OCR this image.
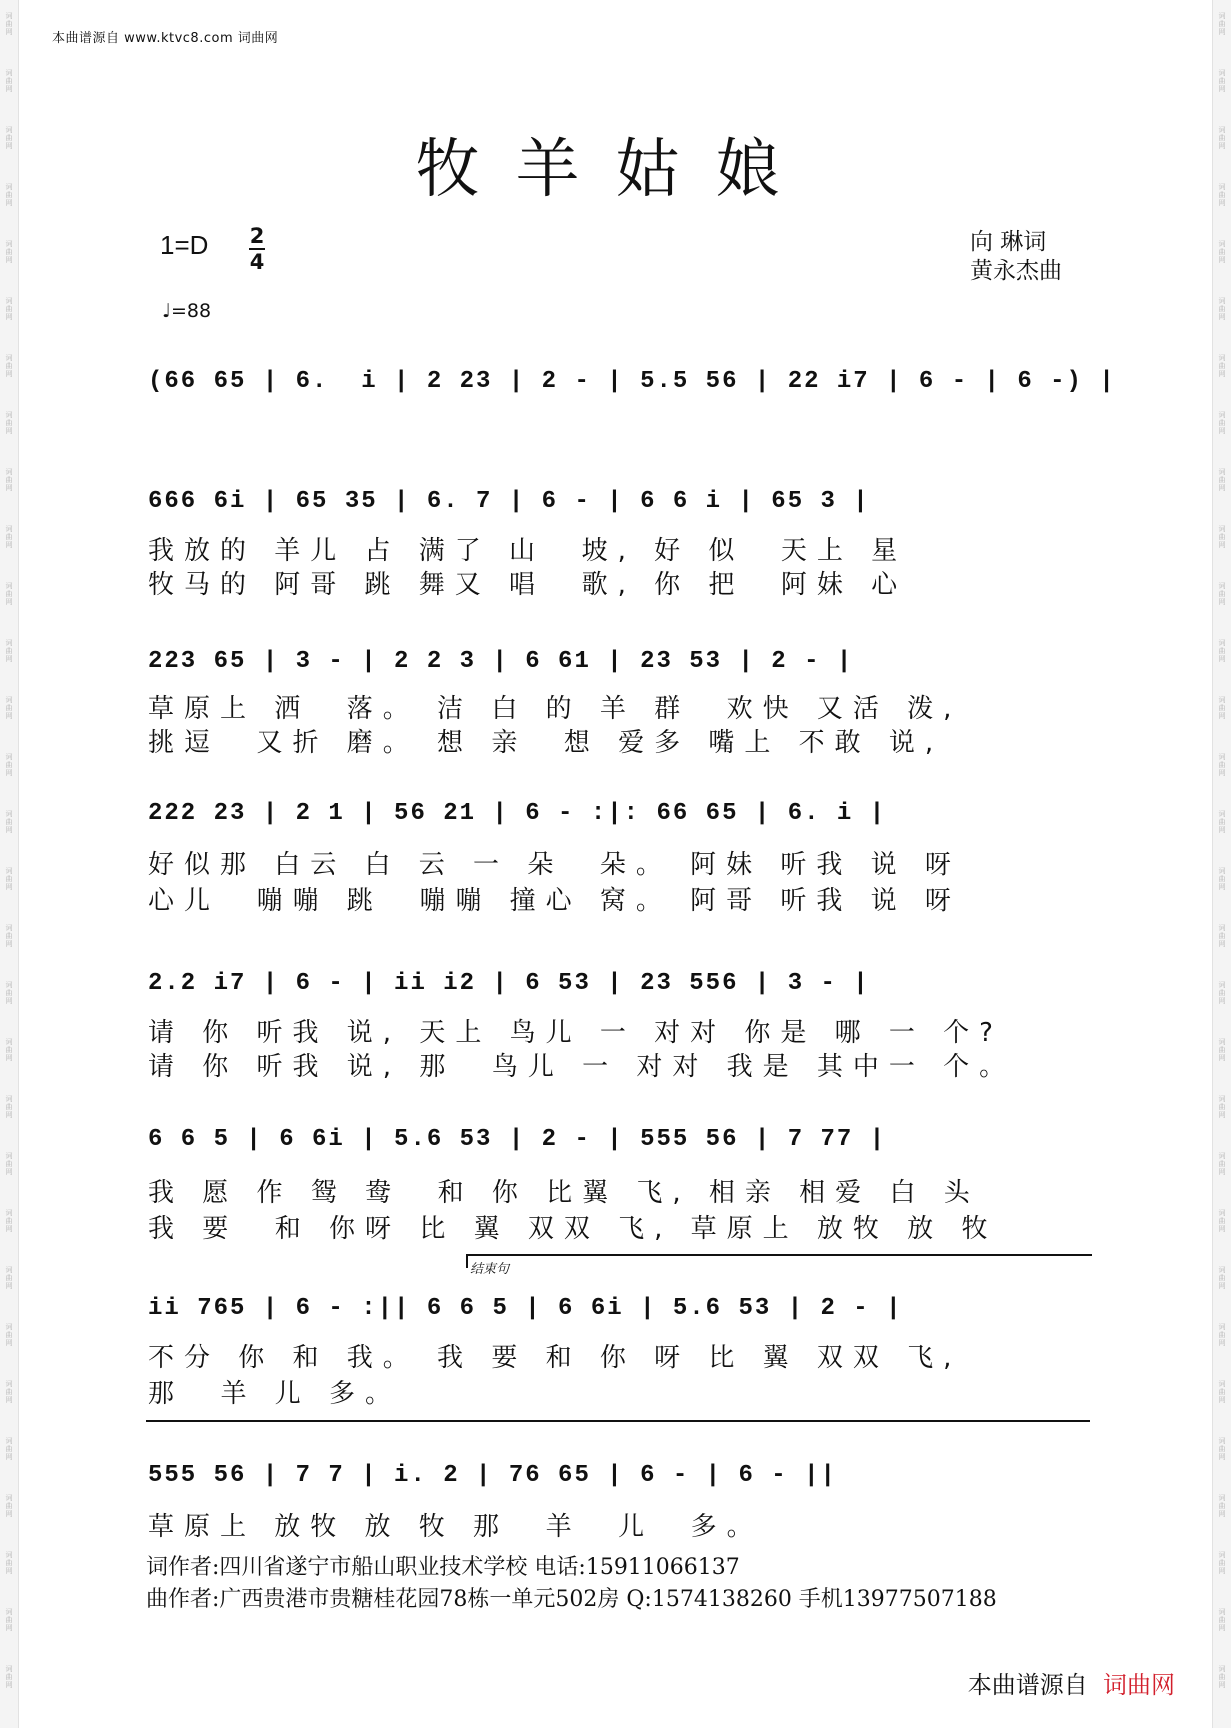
词
曲
网
词
曲
网
词
曲
网
词
曲
网
词
曲
网
词
曲
网
词
曲
网
词
曲
网
词
曲
网
词
曲
网
词
曲
网
词
曲
网
词
曲
网
词
曲
网
词
曲
网
词
曲
网
词
曲
网
词
曲
网
词
曲
网
词
曲
网
词
曲
网
词
曲
网
词
曲
网
词
曲
网
词
曲
网
词
曲
网
词
曲
网
词
曲
网
词
曲
网
词
曲
网
词
曲
网
词
曲
网
词
曲
网
词
曲
网
词
曲
网
词
曲
网
词
曲
网
词
曲
网
词
曲
网
词
曲
网
词
曲
网
词
曲
网
词
曲
网
词
曲
网
词
曲
网
词
曲
网
词
曲
网
词
曲
网
词
曲
网
词
曲
网
词
曲
网
词
曲
网
词
曲
网
词
曲
网
词
曲
网
词
曲
网
词
曲
网
词
曲
网
词
曲
网
词
曲
网
本曲谱源自 www.ktvc8.com 词曲网
牧羊姑娘
1=D 2
4
向 琳词
黄永杰曲
♩=88
(66 65 | 6.  i | 2 23 | 2 - | 5.5 56 | 22 i7 | 6 - | 6 -) |
666 6i | 65 35 | 6. 7 | 6 - | 6 6 i | 65 3 |
我放的 羊儿 占 满了 山  坡, 好 似  天上 星
牧马的 阿哥 跳 舞又 唱  歌, 你 把  阿妹 心
223 65 | 3 - | 2 2 3 | 6 61 | 23 53 | 2 - |
草原上 洒  落。 洁 白 的 羊 群  欢快 又活 泼,
挑逗  又折 磨。 想 亲  想 爱多 嘴上 不敢 说,
222 23 | 2 1 | 56 21 | 6 - :|: 66 65 | 6. i |
好似那 白云 白 云 一 朵  朵。 阿妹 听我 说 呀
心儿  嘣嘣 跳  嘣嘣 撞心 窝。 阿哥 听我 说 呀
2.2 i7 | 6 - | ii i2 | 6 53 | 23 556 | 3 - |
请 你 听我 说, 天上 鸟儿 一 对对 你是 哪 一 个?
请 你 听我 说, 那  鸟儿 一 对对 我是 其中一 个。
6 6 5 | 6 6i | 5.6 53 | 2 - | 555 56 | 7 77 |
我 愿 作 鸳 鸯  和 你 比翼 飞, 相亲 相爱 白 头
我 要  和 你呀 比 翼 双双 飞, 草原上 放牧 放 牧
结束句
ii 765 | 6 - :|| 6 6 5 | 6 6i | 5.6 53 | 2 - |
不分 你 和 我。 我 要 和 你 呀 比 翼 双双 飞,
那  羊 儿 多。
555 56 | 7 7 | i. 2 | 76 65 | 6 - | 6 - ||
草原上 放牧 放 牧 那  羊  儿  多。
词作者:四川省遂宁市船山职业技术学校 电话:15911066137
曲作者:广西贵港市贵糖桂花园78栋一单元502房 Q:1574138260 手机13977507188
本曲谱源自 词曲网
